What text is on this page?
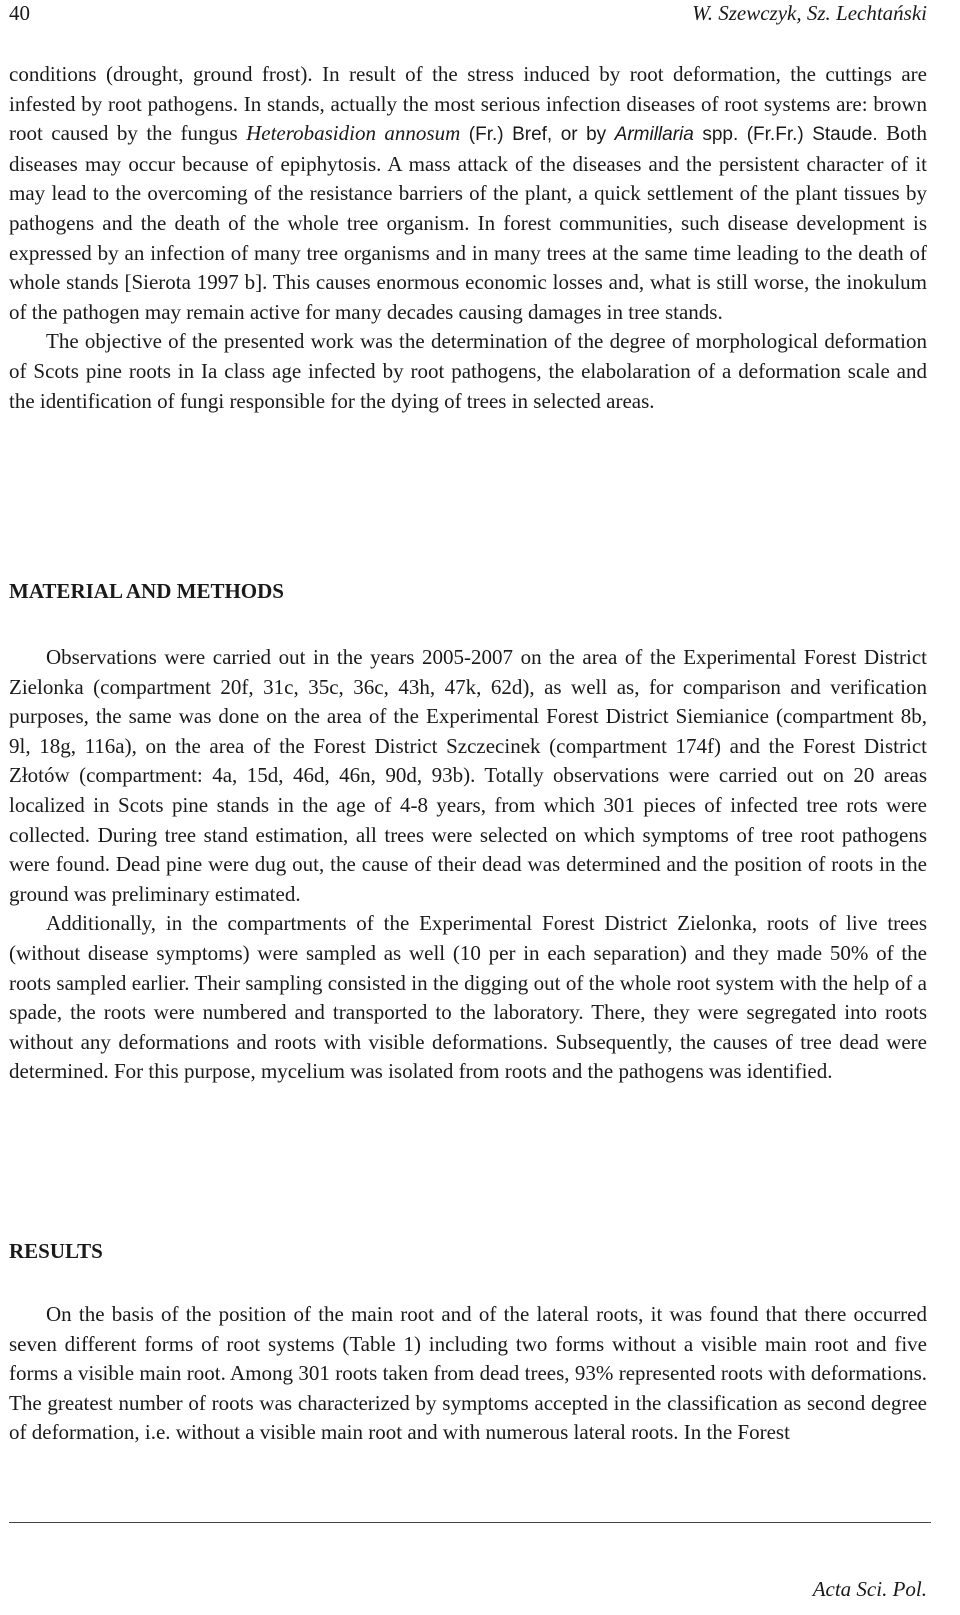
40	W. Szewczyk, Sz. Lechtański

conditions (drought, ground frost). In result of the stress induced by root deformation, the cuttings are infested by root pathogens. In stands, actually the most serious infection diseases of root systems are: brown root caused by the fungus Heterobasidion annosum (Fr.) Bref, or by Armillaria spp. (Fr.Fr.) Staude. Both diseases may occur because of epiphytosis. A mass attack of the diseases and the persistent character of it may lead to the overcoming of the resistance barriers of the plant, a quick settlement of the plant tissues by pathogens and the death of the whole tree organism. In forest communities, such disease development is expressed by an infection of many tree organisms and in many trees at the same time leading to the death of whole stands [Sierota 1997 b]. This causes enormous economic losses and, what is still worse, the inokulum of the pathogen may remain active for many decades causing damages in tree stands.

The objective of the presented work was the determination of the degree of morphological deformation of Scots pine roots in Ia class age infected by root pathogens, the elabolaration of a deformation scale and the identification of fungi responsible for the dying of trees in selected areas.

MATERIAL AND METHODS

Observations were carried out in the years 2005-2007 on the area of the Experimental Forest District Zielonka (compartment 20f, 31c, 35c, 36c, 43h, 47k, 62d), as well as, for comparison and verification purposes, the same was done on the area of the Experimental Forest District Siemianice (compartment 8b, 9l, 18g, 116a), on the area of the Forest District Szczecinek (compartment 174f) and the Forest District Złotów (compartment: 4a, 15d, 46d, 46n, 90d, 93b). Totally observations were carried out on 20 areas localized in Scots pine stands in the age of 4-8 years, from which 301 pieces of infected tree rots were collected. During tree stand estimation, all trees were selected on which symptoms of tree root pathogens were found. Dead pine were dug out, the cause of their dead was determined and the position of roots in the ground was preliminary estimated.

Additionally, in the compartments of the Experimental Forest District Zielonka, roots of live trees (without disease symptoms) were sampled as well (10 per in each separation) and they made 50% of the roots sampled earlier. Their sampling consisted in the digging out of the whole root system with the help of a spade, the roots were numbered and transported to the laboratory. There, they were segregated into roots without any deformations and roots with visible deformations. Subsequently, the causes of tree dead were determined. For this purpose, mycelium was isolated from roots and the pathogens was identified.

RESULTS

On the basis of the position of the main root and of the lateral roots, it was found that there occurred seven different forms of root systems (Table 1) including two forms without a visible main root and five forms a visible main root. Among 301 roots taken from dead trees, 93% represented roots with deformations. The greatest number of roots was characterized by symptoms accepted in the classification as second degree of deformation, i.e. without a visible main root and with numerous lateral roots. In the Forest

Acta Sci. Pol.
